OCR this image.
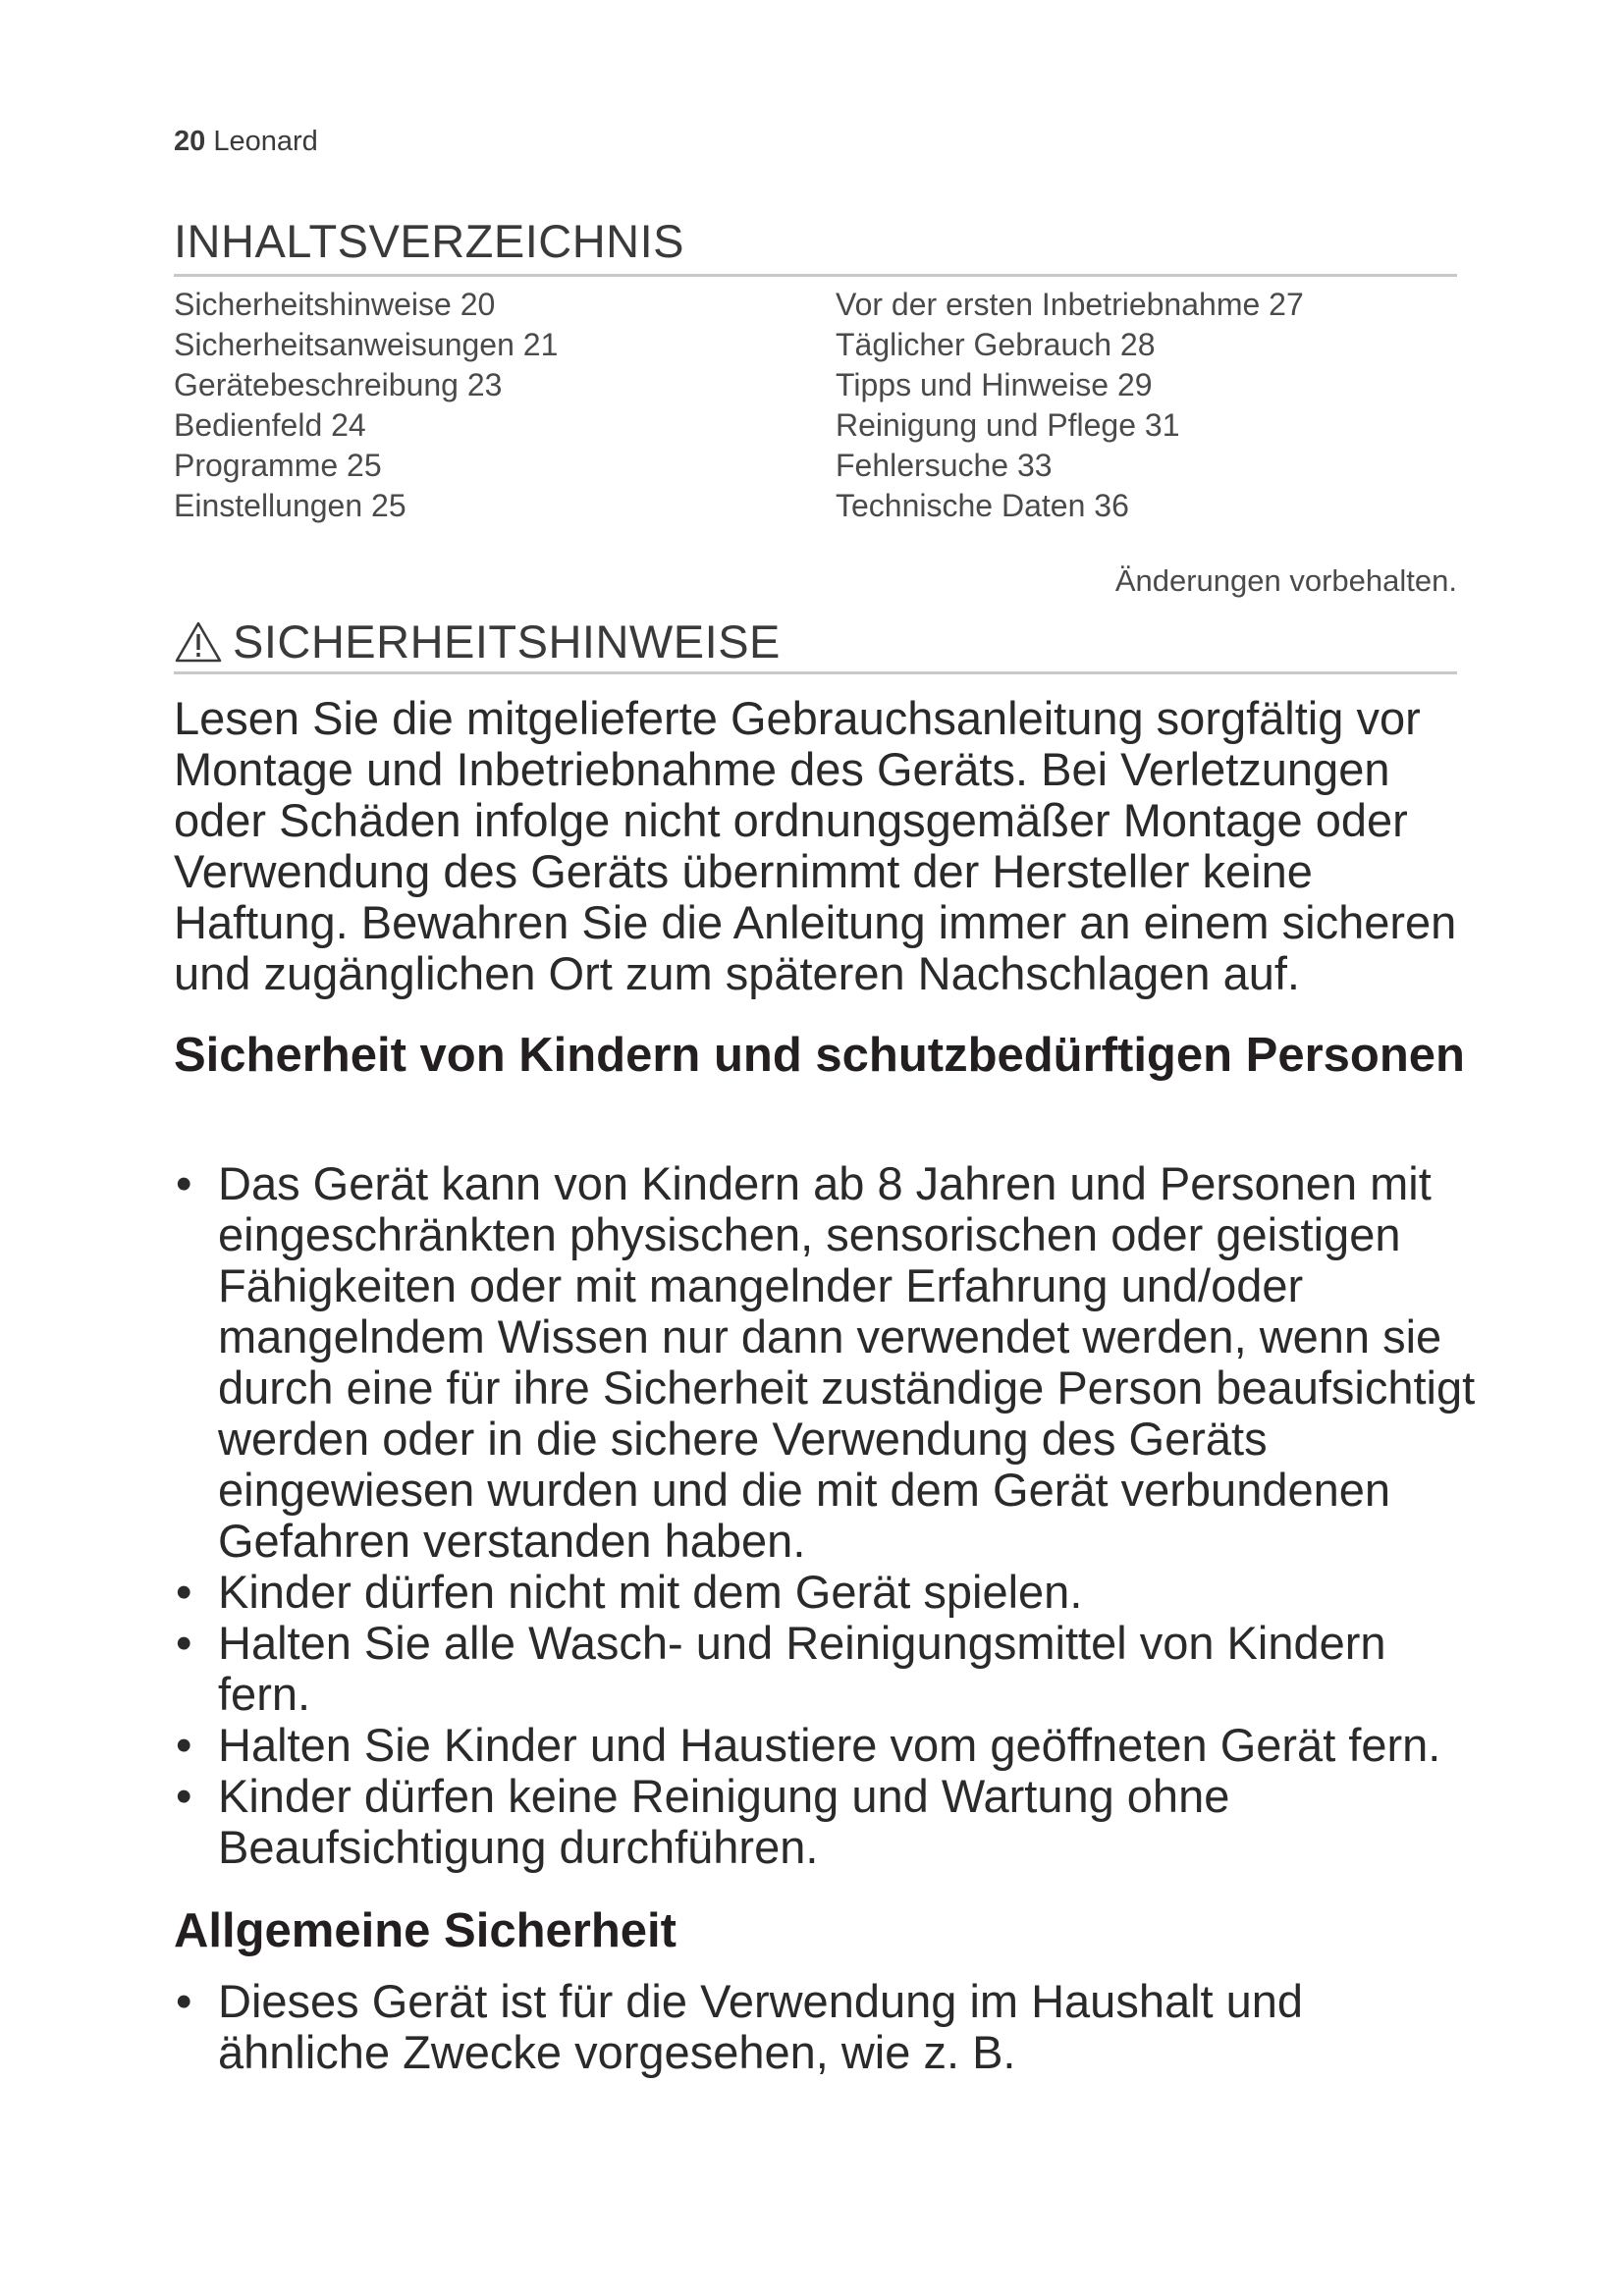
20 Leonard
INHALTSVERZEICHNIS
Sicherheitshinweise 20
Sicherheitsanweisungen 21
Gerätebeschreibung 23
Bedienfeld 24
Programme 25
Einstellungen 25
Vor der ersten Inbetriebnahme 27
Täglicher Gebrauch 28
Tipps und Hinweise 29
Reinigung und Pflege 31
Fehlersuche 33
Technische Daten 36
Änderungen vorbehalten.
SICHERHEITSHINWEISE

Lesen Sie die mitgelieferte Gebrauchsanleitung sorgfältig vor Montage und Inbetriebnahme des Geräts. Bei Verletzungen oder Schäden infolge nicht ordnungsgemäßer Montage oder Verwendung des Geräts übernimmt der Hersteller keine Haftung. Bewahren Sie die Anleitung immer an einem sicheren und zugänglichen Ort zum späteren Nachschlagen auf.

Sicherheit von Kindern und schutzbedürftigen Personen
• Das Gerät kann von Kindern ab 8 Jahren und Personen mit eingeschränkten physischen, sensorischen oder geistigen Fähigkeiten oder mit mangelnder Erfahrung und/oder mangelndem Wissen nur dann verwendet werden, wenn sie durch eine für ihre Sicherheit zuständige Person beaufsichtigt werden oder in die sichere Verwendung des Geräts eingewiesen wurden und die mit dem Gerät verbundenen Gefahren verstanden haben.
• Kinder dürfen nicht mit dem Gerät spielen.
• Halten Sie alle Wasch- und Reinigungsmittel von Kindern fern.
• Halten Sie Kinder und Haustiere vom geöffneten Gerät fern.
• Kinder dürfen keine Reinigung und Wartung ohne Beaufsichtigung durchführen.
Allgemeine Sicherheit
• Dieses Gerät ist für die Verwendung im Haushalt und ähnliche Zwecke vorgesehen, wie z. B.
